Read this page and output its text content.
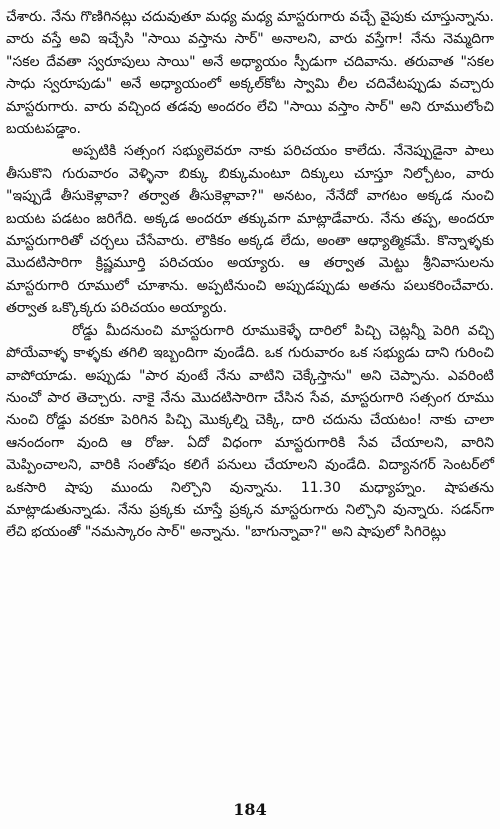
చేశారు. నేను గొణిగినట్లు చదువుతూ మధ్య మధ్య మాస్టరుగారు వచ్చే వైపుకు చూస్తున్నాను. వారు వస్తే అవి ఇచ్చేసి "సాయి వస్తాను సార్" అనాలని, వారు వస్తేగా! నేను నెమ్మదిగా "సకల దేవతా స్వరూపులు సాయి" అనే అధ్యాయం స్పీడుగా చదివాను. తరువాత "సకల సాధు స్వరూపుడు" అనే అధ్యాయంలో అక్కల్‌కోట స్వామి లీల చదివేటప్పుడు వచ్చారు మాస్టరుగారు. వారు వచ్చింద తడవు అందరం లేచి "సాయి వస్తాం సార్" అని రూములోంచి బయటపడ్డాం.

అప్పటికి సత్సంగ సభ్యులెవరూ నాకు పరిచయం కాలేదు. నేనెప్పుడైనా పాలు తీసుకొని గురువారం వెళ్ళినా బిక్కు బిక్కుమంటూ దిక్కులు చూస్తూ నిల్చోటం, వారు "ఇప్పుడే తీసుకెళ్లావా? తర్వాత తీసుకెళ్లావా?" అనటం, నేనేదో వాగటం అక్కడ నుంచి బయట పడటం జరిగేది. అక్కడ అందరూ తక్కువగా మాట్లాడేవారు. నేను తప్ప, అందరూ మాస్టరుగారితో చర్చలు చేసేవారు. లౌకికం అక్కడ లేదు, అంతా ఆధ్యాత్మికమే. కొన్నాళ్ళకు మొదటిసారిగా క్రిష్ణమూర్తి పరిచయం అయ్యారు. ఆ తర్వాత మెట్టు శ్రీనివాసులను మాస్టరుగారి రూములో చూశాను. అప్పటినుంచి అప్పుడప్పుడు అతను పలుకరించేవారు. తర్వాత ఒక్కొక్కరు పరిచయం అయ్యారు.

రోడ్డు మీదనుంచి మాస్టరుగారి రూముకెళ్ళే దారిలో పిచ్చి చెట్లన్నీ పెరిగి వచ్చి పోయేవాళ్ళ కాళ్ళకు తగిలి ఇబ్బందిగా వుండేది. ఒక గురువారం ఒక సభ్యుడు దాని గురించి వాపోయాడు. అప్పుడు "పార వుంటే నేను వాటిని చెక్కేస్తాను" అని చెప్పాను. ఎవరింటి నుంచో పార తెచ్చారు. నాకై నేను మొదటిసారిగా చేసిన సేవ, మాస్టరుగారి సత్సంగ రూము నుంచి రోడ్డు వరకూ పెరిగిన పిచ్చి మొక్కల్ని చెక్కి, దారి చదును చేయటం! నాకు చాలా ఆనందంగా వుంది ఆ రోజు. ఏదో విధంగా మాస్టరుగారికి సేవ చేయాలని, వారిని మెప్పించాలని, వారికి సంతోషం కలిగే పనులు చేయాలని వుండేది. విద్యానగర్ సెంటర్‌లో ఒకసారి షాపు ముందు నిల్చొని వున్నాను. 11.30 మధ్యాహ్నం. షాపతను మాట్లాడుతున్నాడు. నేను ప్రక్కకు చూస్తే ప్రక్కన మాస్టరుగారు నిల్చొని వున్నారు. సడన్‌గా లేచి భయంతో "నమస్కారం సార్" అన్నాను. "బాగున్నావా?" అని షాపులో సిగిరెట్లు

184
